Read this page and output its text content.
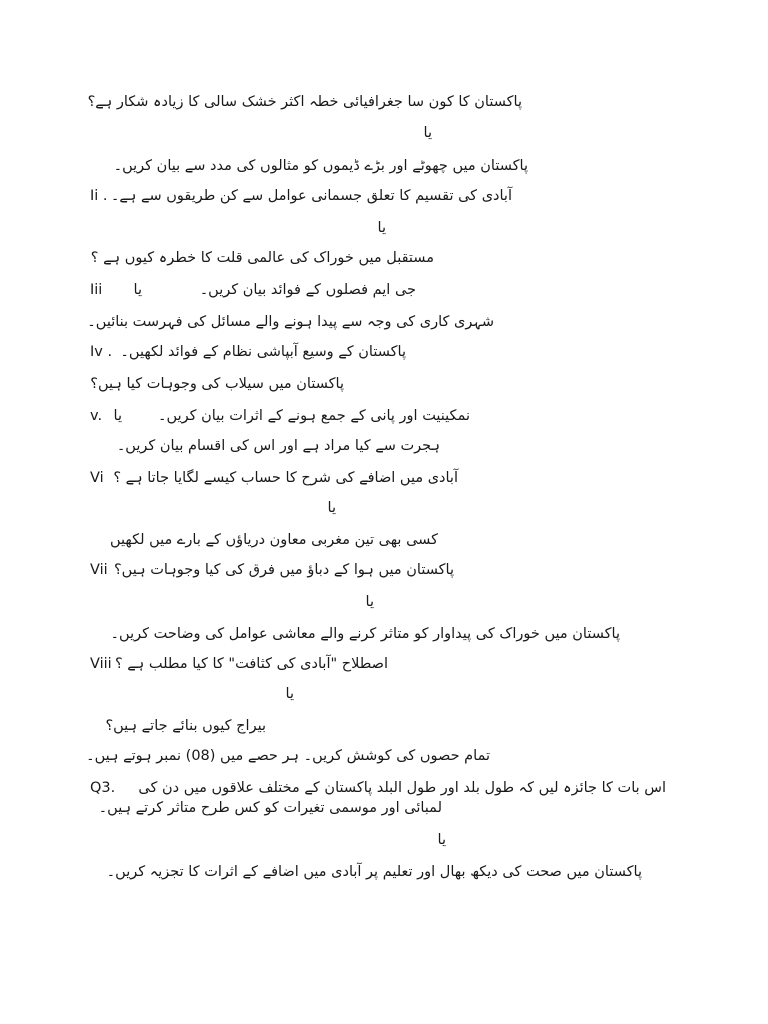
پاکستان کا کون سا جغرافیائی خطہ اکثر خشک سالی کا زیادہ شکار ہے؟
یا
پاکستان میں چھوٹے اور بڑے ڈیموں کو مثالوں کی مدد سے بیان کریں۔
Ii . آبادی کی تقسیم کا تعلق جسمانی عوامل سے کن طریقوں سے ہے۔
یا
مستقبل میں خوراک کی عالمی قلت کا خطرہ کیوں ہے ؟
Iii	یا	جی ایم فصلوں کے فوائد بیان کریں۔
شہری کاری کی وجہ سے پیدا ہونے والے مسائل کی فہرست بنائیں۔
Iv . پاکستان کے وسیع آبپاشی نظام کے فوائد لکھیں۔
پاکستان میں سیلاب کی وجوہات کیا ہیں؟
v. یا نمکینیت اور پانی کے جمع ہونے کے اثرات بیان کریں۔
ہجرت سے کیا مراد ہے اور اس کی اقسام بیان کریں۔
Vi آبادی میں اضافے کی شرح کا حساب کیسے لگایا جاتا ہے ؟
یا
کسی بھی تین مغربی معاون دریاؤں کے بارے میں لکھیں
Vii پاکستان میں ہوا کے دباؤ میں فرق کی کیا وجوہات ہیں؟
یا
پاکستان میں خوراک کی پیداوار کو متاثر کرنے والے معاشی عوامل کی وضاحت کریں۔
Viii اصطلاح "آبادی کی کثافت" کا کیا مطلب ہے ؟
یا
بیراج کیوں بنائے جاتے ہیں؟
تمام حصوں کی کوشش کریں۔ ہر حصے میں (08) نمبر ہوتے ہیں۔
Q3. اس بات کا جائزہ لیں کہ طول بلد اور طول البلد پاکستان کے مختلف علاقوں میں دن کی
لمبائی اور موسمی تغیرات کو کس طرح متاثر کرتے ہیں۔
یا
پاکستان میں صحت کی دیکھ بھال اور تعلیم پر آبادی میں اضافے کے اثرات کا تجزیہ کریں۔
